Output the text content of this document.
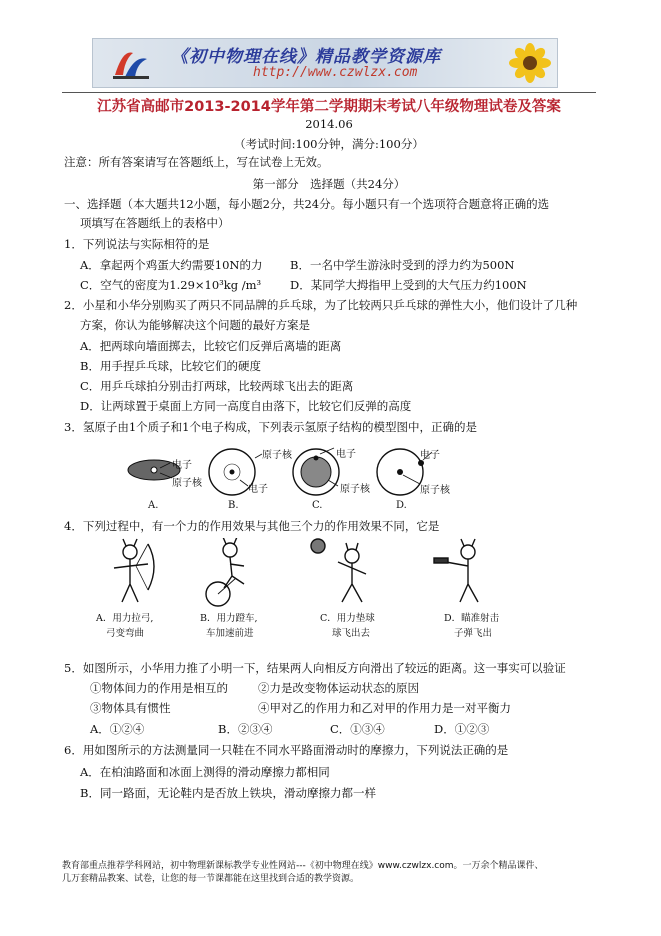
《初中物理在线》精品教学资源库
http://www.czwlzx.com
江苏省高邮市2013-2014学年第二学期期末考试八年级物理试卷及答案
2014.06
（考试时间:100分钟，满分:100分）
注意：所有答案请写在答题纸上，写在试卷上无效。
第一部分　选择题（共24分）
一、选择题（本大题共12小题，每小题2分，共24分。每小题只有一个选项符合题意将正确的选
项填写在答题纸上的表格中）
1．下列说法与实际相符的是
A．拿起两个鸡蛋大约需要10N的力 B．一名中学生游泳时受到的浮力约为500N
C．空气的密度为1.29×10³kg /m³	D．某同学大拇指甲上受到的大气压力约100N
2．小星和小华分别购买了两只不同品牌的乒乓球，为了比较两只乒乓球的弹性大小，他们设计了几种
方案，你认为能够解决这个问题的最好方案是
A．把两球向墙面掷去，比较它们反弹后离墙的距离
B．用手捏乒乓球，比较它们的硬度
C．用乒乓球拍分别击打两球，比较两球飞出去的距离
D．让两球置于桌面上方同一高度自由落下，比较它们反弹的高度
3．氢原子由1个质子和1个电子构成，下列表示氢原子结构的模型图中，正确的是
电子
原子核
原子核
电子
电子
原子核
电子
原子核
A.	B.	C.	D.
4．下列过程中，有一个力的作用效果与其他三个力的作用效果不同，它是
A．用力拉弓,
弓变弯曲
B．用力蹬车,
车加速前进
C．用力垫球
球飞出去
D．瞄准射击
子弹飞出
5．如图所示，小华用力推了小明一下，结果两人向相反方向滑出了较远的距离。这一事实可以验证
①物体间力的作用是相互的	②力是改变物体运动状态的原因
③物体具有惯性	④甲对乙的作用力和乙对甲的作用力是一对平衡力
A．①②④	B．②③④	C．①③④	D．①②③
6．用如图所示的方法测量同一只鞋在不同水平路面滑动时的摩擦力，下列说法正确的是
A．在柏油路面和冰面上测得的滑动摩擦力都相同
B．同一路面，无论鞋内是否放上铁块，滑动摩擦力都一样
教育部重点推荐学科网站，初中物理新课标教学专业性网站---《初中物理在线》www.czwlzx.com。一万余个精品课件、
几万套精品教案、试卷，让您的每一节课都能在这里找到合适的教学资源。
